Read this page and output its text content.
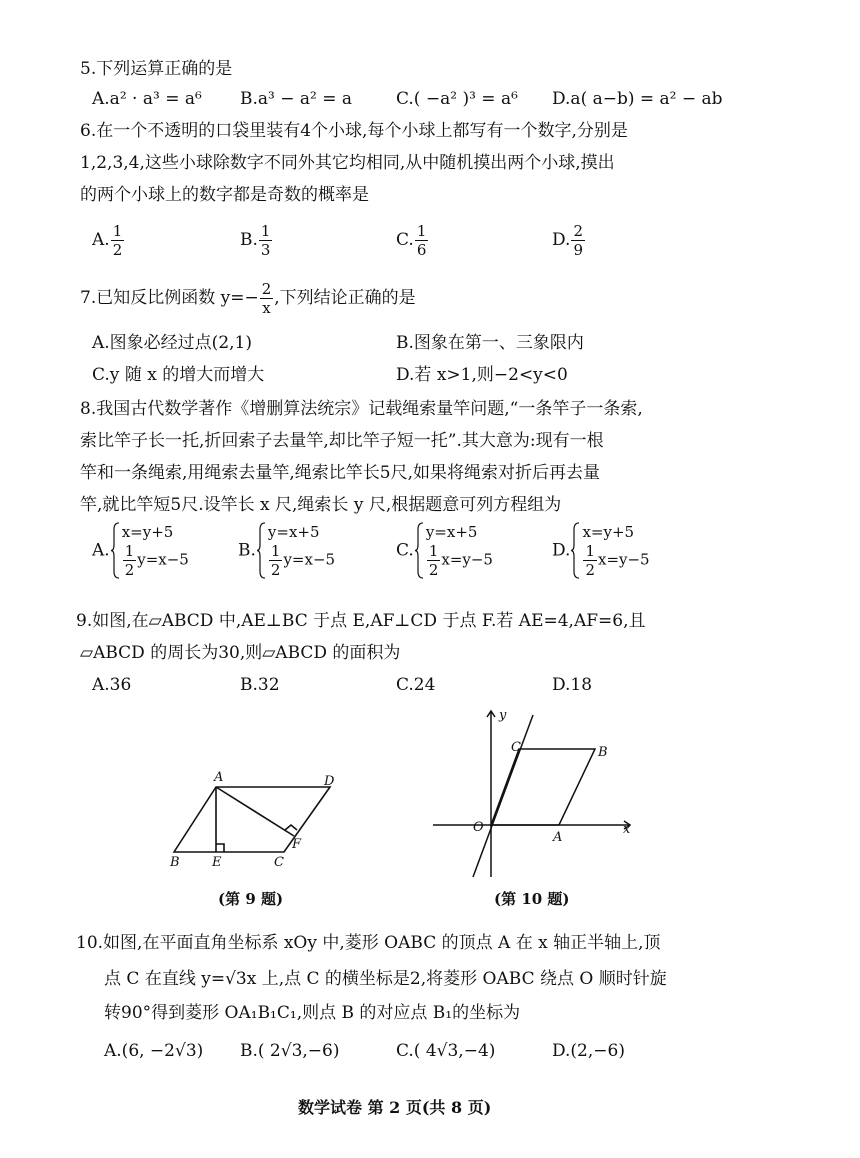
5.下列运算正确的是
A.a² · a³ = a⁶ B.a³ − a² = a	C.( −a² )³ = a⁶ D.a( a−b) = a² − ab
6.在一个不透明的口袋里装有4个小球,每个小球上都写有一个数字,分别是
1,2,3,4,这些小球除数字不同外其它均相同,从中随机摸出两个小球,摸出
的两个小球上的数字都是奇数的概率是
A. $\frac{1}{2}$	B. $\frac{1}{3}$	C. $\frac{1}{6}$	D. $\frac{2}{9}$
7.已知反比例函数 $y=- \frac{2}{x}$ ,下列结论正确的是
A.图象必经过点(2,1)	B.图象在第一、三象限内
C.y 随 x 的增大而增大	D.若 x>1,则−2<y<0
8.我国古代数学著作《增删算法统宗》记载绳索量竿问题,“一条竿子一条索,
索比竿子长一托,折回索子去量竿,却比竿子短一托”.其大意为:现有一根
竿和一条绳索,用绳索去量竿,绳索比竿长5尺,如果将绳索对折后再去量
竿,就比竿短5尺.设竿长 x 尺,绳索长 y 尺,根据题意可列方程组为
A.
x=y+5
$\frac{1}{2} y=x-5$	B.
y=x+5
$\frac{1}{2} y=x-5$	C.
y=x+5
$\frac{1}{2} x=y-5$	D.
x=y+5
$\frac{1}{2} x=y-5$
9.如图,在▱ABCD 中,AE⊥BC 于点 E,AF⊥CD 于点 F.若 AE=4,AF=6,且
▱ABCD 的周长为30,则▱ABCD 的面积为
A.36	B.32	C.24	D.18
A	D
B E	C
F
(第 9 题)
y
x
C	B
O
A
(第 10 题)
10.如图,在平面直角坐标系 xOy 中,菱形 OABC 的顶点 A 在 x 轴正半轴上,顶
点 C 在直线 y=√3x 上,点 C 的横坐标是2,将菱形 OABC 绕点 O 顺时针旋
转90°得到菱形 OA₁B₁C₁,则点 B 的对应点 B₁的坐标为
A.(6, −2√3) B.( 2√3,−6)	C.( 4√3,−4)	D.(2,−6)
数学试卷 第 2 页(共 8 页)
